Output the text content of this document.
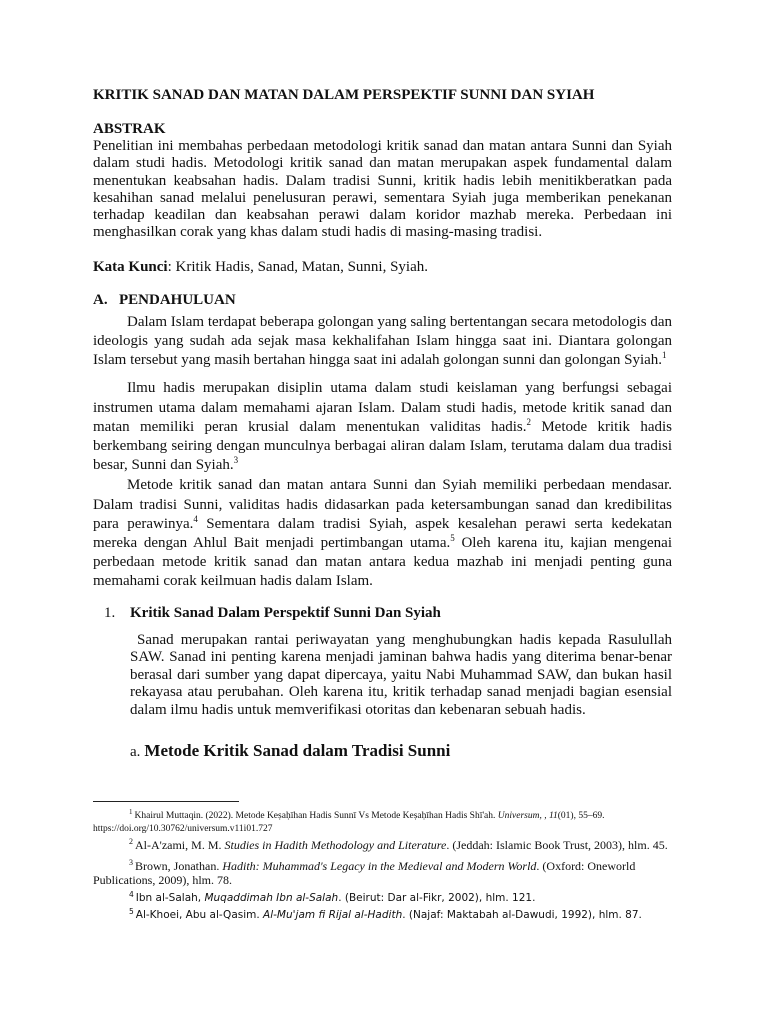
KRITIK SANAD DAN MATAN DALAM PERSPEKTIF SUNNI DAN SYIAH
ABSTRAK

Penelitian ini membahas perbedaan metodologi kritik sanad dan matan antara Sunni dan Syiah dalam studi hadis. Metodologi kritik sanad dan matan merupakan aspek fundamental dalam menentukan keabsahan hadis. Dalam tradisi Sunni, kritik hadis lebih menitikberatkan pada kesahihan sanad melalui penelusuran perawi, sementara Syiah juga memberikan penekanan terhadap keadilan dan keabsahan perawi dalam koridor mazhab mereka. Perbedaan ini menghasilkan corak yang khas dalam studi hadis di masing-masing tradisi.

Kata Kunci: Kritik Hadis, Sanad, Matan, Sunni, Syiah.
A. PENDAHULUAN

Dalam Islam terdapat beberapa golongan yang saling bertentangan secara metodologis dan ideologis yang sudah ada sejak masa kekhalifahan Islam hingga saat ini. Diantara golongan Islam tersebut yang masih bertahan hingga saat ini adalah golongan sunni dan golongan Syiah.$^1$

Ilmu hadis merupakan disiplin utama dalam studi keislaman yang berfungsi sebagai instrumen utama dalam memahami ajaran Islam. Dalam studi hadis, metode kritik sanad dan matan memiliki peran krusial dalam menentukan validitas hadis.$^2$ Metode kritik hadis berkembang seiring dengan munculnya berbagai aliran dalam Islam, terutama dalam dua tradisi besar, Sunni dan Syiah.$^3$

Metode kritik sanad dan matan antara Sunni dan Syiah memiliki perbedaan mendasar. Dalam tradisi Sunni, validitas hadis didasarkan pada ketersambungan sanad dan kredibilitas para perawinya.$^4$ Sementara dalam tradisi Syiah, aspek kesalehan perawi serta kedekatan mereka dengan Ahlul Bait menjadi pertimbangan utama.$^5$ Oleh karena itu, kajian mengenai perbedaan metode kritik sanad dan matan antara kedua mazhab ini menjadi penting guna memahami corak keilmuan hadis dalam Islam.

1. Kritik Sanad Dalam Perspektif Sunni Dan Syiah

Sanad merupakan rantai periwayatan yang menghubungkan hadis kepada Rasulullah SAW. Sanad ini penting karena menjadi jaminan bahwa hadis yang diterima benar-benar berasal dari sumber yang dapat dipercaya, yaitu Nabi Muhammad SAW, dan bukan hasil rekayasa atau perubahan. Oleh karena itu, kritik terhadap sanad menjadi bagian esensial dalam ilmu hadis untuk memverifikasi otoritas dan kebenaran sebuah hadis.

a. Metode Kritik Sanad dalam Tradisi Sunni

$^1$ Khairul Muttaqin. (2022). Metode Keṣaḥīhan Hadis Sunnī Vs Metode Keṣaḥīhan Hadis Shī'ah. Universum, , 11(01), 55–69. https://doi.org/10.30762/universum.v11i01.727

$^2$ Al-A'zami, M. M. Studies in Hadith Methodology and Literature. (Jeddah: Islamic Book Trust, 2003), hlm. 45.

$^3$ Brown, Jonathan. Hadith: Muhammad's Legacy in the Medieval and Modern World. (Oxford: Oneworld Publications, 2009), hlm. 78.

$^4$ Ibn al-Salah, Muqaddimah Ibn al-Salah. (Beirut: Dar al-Fikr, 2002), hlm. 121.

$^5$ Al-Khoei, Abu al-Qasim. Al-Mu'jam fi Rijal al-Hadith. (Najaf: Maktabah al-Dawudi, 1992), hlm. 87.
